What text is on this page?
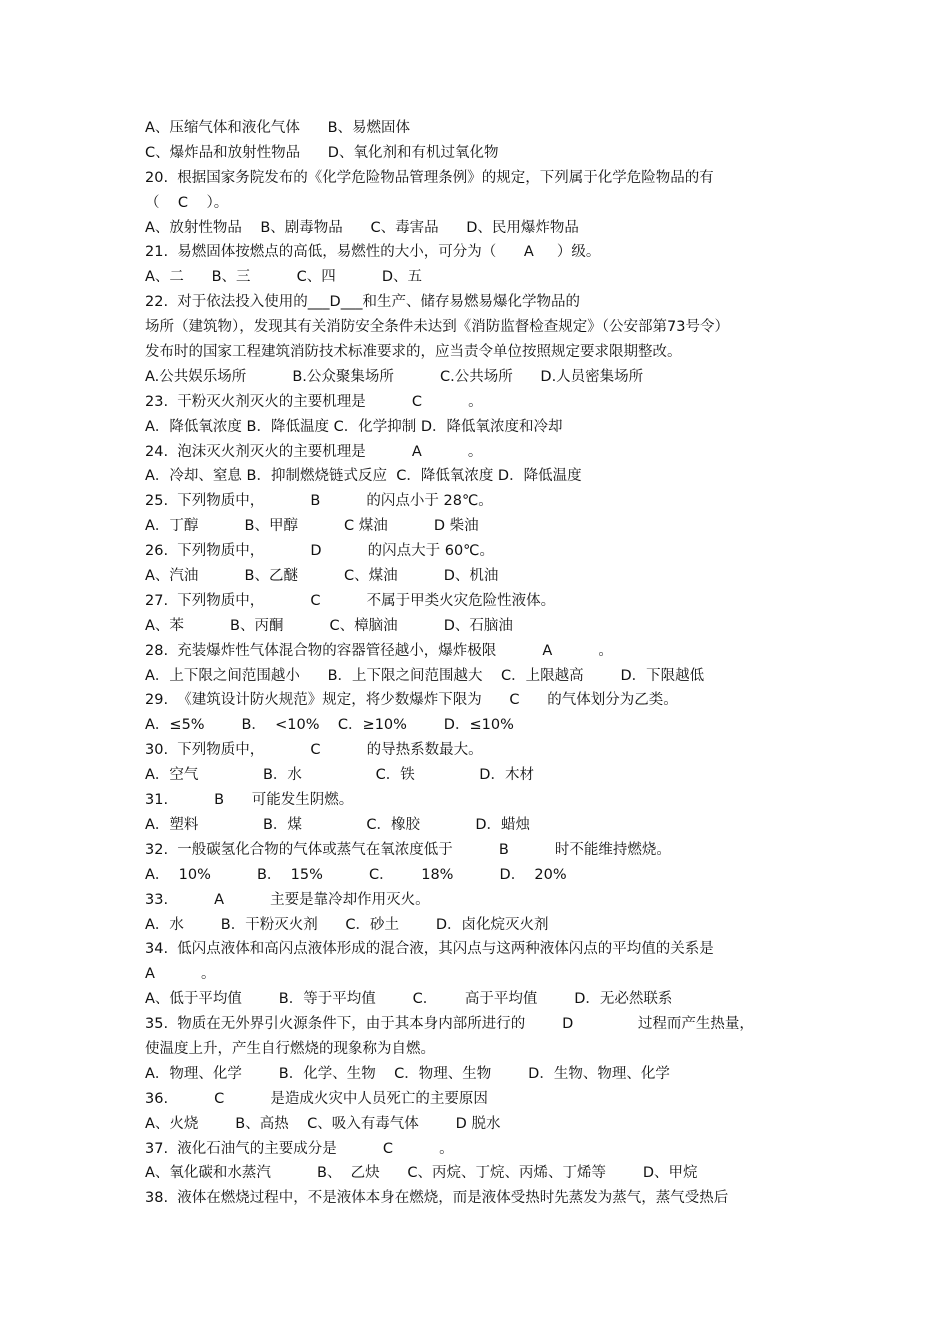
A、压缩气体和液化气体      B、易燃固体
C、爆炸品和放射性物品      D、氧化剂和有机过氧化物
20.  根据国家务院发布的《化学危险物品管理条例》的规定，下列属于化学危险物品的有
（    C    ）。
A、放射性物品    B、剧毒物品      C、毒害品      D、民用爆炸物品
21.  易燃固体按燃点的高低，易燃性的大小，可分为（      A     ）级。
A、二      B、三          C、四          D、五
22.  对于依法投入使用的___D___和生产、储存易燃易爆化学物品的
场所（建筑物），发现其有关消防安全条件未达到《消防监督检查规定》（公安部第73号令）
发布时的国家工程建筑消防技术标准要求的，应当责令单位按照规定要求限期整改。
A.公共娱乐场所          B.公众聚集场所          C.公共场所      D.人员密集场所
23.  干粉灭火剂灭火的主要机理是          C          。
A．降低氧浓度 B．降低温度 C．化学抑制 D．降低氧浓度和冷却
24.  泡沫灭火剂灭火的主要机理是          A          。
A．冷却、窒息 B．抑制燃烧链式反应  C．降低氧浓度 D．降低温度
25.  下列物质中，          B          的闪点小于 28℃。
A．丁醇          B、甲醇          C 煤油          D 柴油
26.  下列物质中，          D          的闪点大于 60℃。
A、汽油          B、乙醚          C、煤油          D、机油
27.  下列物质中，          C          不属于甲类火灾危险性液体。
A、苯          B、丙酮          C、樟脑油          D、石脑油
28.  充装爆炸性气体混合物的容器管径越小，爆炸极限          A          。
A．上下限之间范围越小      B．上下限之间范围越大    C．上限越高        D．下限越低
29.  《建筑设计防火规范》规定，将少数爆炸下限为      C      的气体划分为乙类。
A．≤5%        B．  <10%    C．≥10%        D．≤10%
30.  下列物质中，          C          的导热系数最大。
A．空气              B．水                C．铁              D．木材
31.          B      可能发生阴燃。
A．塑料              B．煤              C．橡胶            D．蜡烛
32.  一般碳氢化合物的气体或蒸气在氧浓度低于          B          时不能维持燃烧。
A．  10%          B．  15%          C．      18%          D．  20%
33.          A          主要是靠冷却作用灭火。
A．水        B．干粉灭火剂      C．砂土        D．卤化烷灭火剂
34.  低闪点液体和高闪点液体形成的混合液，其闪点与这两种液体闪点的平均值的关系是
A          。
A、低于平均值        B．等于平均值        C．      高于平均值        D．无必然联系
35.  物质在无外界引火源条件下，由于其本身内部所进行的        D              过程而产生热量，
使温度上升，产生自行燃烧的现象称为自燃。
A．物理、化学        B．化学、生物    C．物理、生物        D．生物、物理、化学
36.          C          是造成火灾中人员死亡的主要原因
A、火烧        B、高热    C、吸入有毒气体        D 脱水
37.  液化石油气的主要成分是          C          。
A、氧化碳和水蒸汽          B、  乙炔      C、丙烷、丁烷、丙烯、丁烯等        D、甲烷
38.  液体在燃烧过程中，不是液体本身在燃烧，而是液体受热时先蒸发为蒸气，蒸气受热后
